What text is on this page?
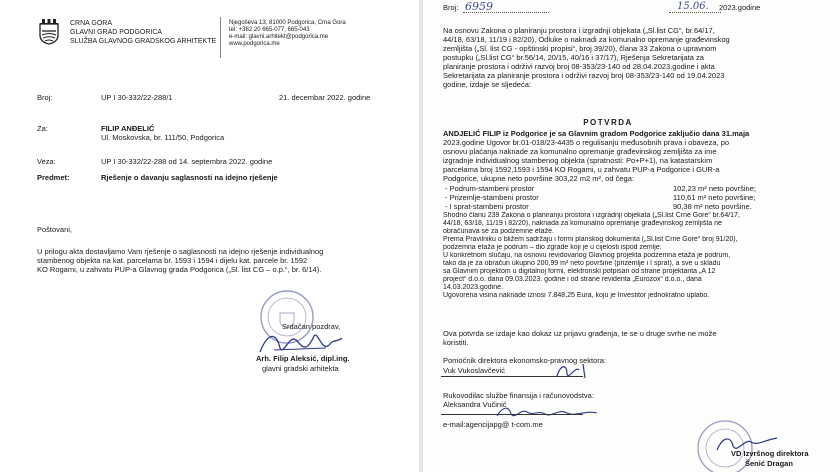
CRNA GORA
GLAVNI GRAD PODGORICA
SLUŽBA GLAVNOG GRADSKOG ARHITEKTE
Njegoševa 13, 81000 Podgorica, Crna Gora
tel: +382 20 665-077, 665-043
e-mail: glavni.arhitekt@podgorica.me
www.podgorica.me
Broj:	UP I 30-332/22-288/1	21. decembar 2022. godine
Za:	FILIP ANĐELIĆ
Ul. Moskovska, br. 111/50, Podgorica
Veza:	UP I 30-332/22-288 od 14. septembra 2022. godine
Predmet:	Rješenje o davanju saglasnosti na idejno rješenje
Poštovani,
U prilogu akta dostavljamo Vam rješenje o saglasnosti na idejno rješenje individualnog
stambenog objekta na kat. parcelama br. 1593 i 1594 i dijelu kat. parcele br. 1592
KO Rogami, u zahvatu PUP-a Glavnog grada Podgorica („Sl. list CG – o.p.“, br. 6/14).
Srdačan pozdrav,
Arh. Filip Aleksić, dipl.ing.
glavni gradski arhitekta
Broj: 6959	15.06. 2023.godine
Na osnovu Zakona o planiranju prostora i izgradnji objekata („Sl.list CG“, br.64/17,
44/18, 63/18, 11/19 i 82/20), Odluke o naknadi za komunalno opremanje građevinskog
zemljišta („Sl. list CG - opštinski propisi“, broj 39/20), člana 33 Zakona o upravnom
postupku („Sl.list CG“ br.56/14, 20/15, 40/16 i 37/17), Rješenja Sekretarijata za
planiranje prostora i održivi razvoj broj 08-353/23-140 od 28.04.2023.godine i akta
Sekretarijata za planiranje prostora i održivi razvoj broj 08-353/23-140 od 19.04.2023
godine, izdaje se sljedeća:
POTVRDA
ANDJELIĆ FILIP iz Podgorice je sa Glavnim gradom Podgorice zaključio dana 31.maja
2023.godine Ugovor br.01-018/23-4435 o regulisanju međusobnih prava i obaveza, po
osnovu plaćanja naknade za komunalno opremanje građevinskog zemljišta za ime
izgradnje individualnog stambenog objekta (spratnosti: Po+P+1), na katastarskim
parcelama broj 1592,1593 i 1594 KO Rogami, u zahvatu PUP-a Podgorice i GUR-a
Podgorice, ukupne neto površine 303,22 m2 m², od čega:
- Podrum-stambeni prostor	102,23 m² neto površine;
- Prizemlje-stambeni prostor	110,61 m² neto površine;
- I sprat-stambeni prostor	90,38 m² neto površine.
Shodno članu 239 Zakona o planiranju prostora i izgradnji objekata („Sl.list Crne Gore“ br.64/17,
44/18, 63/18, 11/19 i 82/20), naknada za komunalno opremanje građevinskog zemljišta ne
obračunava se za podzemne etaže.
Prema Pravilniku o bližem sadržaju i formi planskog dokumenta („Sl.list Crne Gore“ broj 91/20),
podzemna etaža je podrum – dio zgrade koji je u cijelosti ispod zemlje.
U konkretnom slučaju, na osnovu revidovanog Glavnog projekta podzemna etaža je podrum,
tako da je za obračun ukupno 200,99 m² neto površine (prizemlje i I sprat), a sve u skladu
sa Glavnim projektom u digitalnoj formi, elektronski potpisan od strane projektanta „A 12
project“ d.o.o. dana 09.03.2023. godine i od strane revidenta „Eurozox“ d.o.o., dana
14.03.2023.godine.
Ugovorena visina naknade iznosi 7.848,25 Eura, koju je Investitor jednokratno uplatio.
Ova potvrda se izdaje kao dokaz uz prijavu građenja, te se u druge svrhe ne može
koristiti.
Pomoćnik direktora ekonomsko-pravnog sektora:
Vuk Vukoslavčević
Rukovodilac službe finansija i računovodstva:
Aleksandra Vučinić
e-mail:agencijapg@ t-com.me
VD Izvršnog direktora
Šenić Dragan
